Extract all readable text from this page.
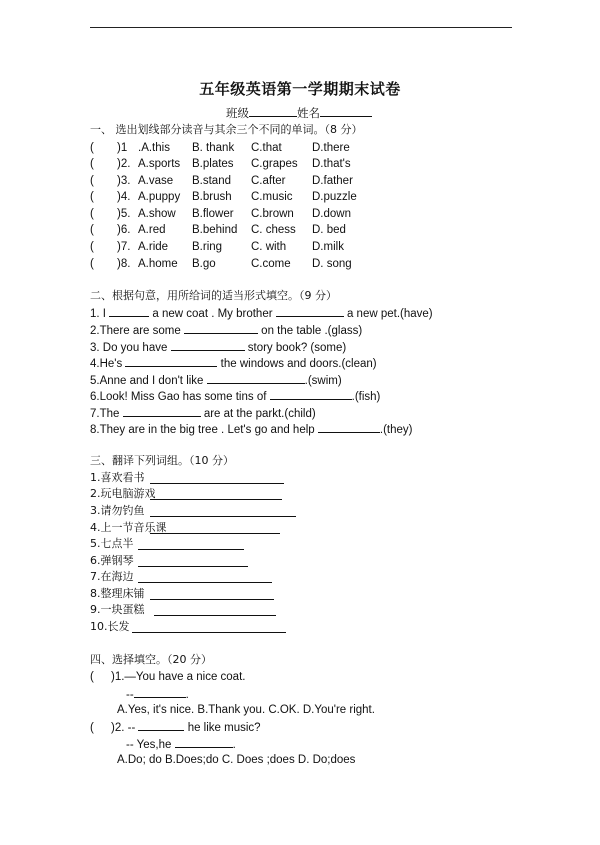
五年级英语第一学期期末试卷
班级	姓名
一、 选出划线部分读音与其余三个不同的单词。（8 分）
( )1 .A.this B. thank C.that	D.there
( )2. A.sports B.plates C.grapes D.that's
( )3. A.vase B.stand C.after D.father
( )4. A.puppy B.brush C.music D.puzzle
( )5. A.show B.flower C.brown D.down
( )6. A.red B.behind C. chess D. bed
( )7. A.ride B.ring	C. with D.milk
( )8. A.home B.go	C.come D. song
二、根据句意，用所给词的适当形式填空。（9 分）
1. I	a new coat . My brother	a new pet.(have)
2.There are some	on the table .(glass)
3. Do you have	story book? (some)
4.He's	the windows and doors.(clean)
5.Anne and I don't like	.(swim)
6.Look! Miss Gao has some tins of	.(fish)
7.The	are at the parkt.(child)
8.They are in the big tree . Let's go and help	.(they)
三、翻译下列词组。（10 分）
1.喜欢看书
2.玩电脑游戏
3.请勿钓鱼
4.上一节音乐课
5.七点半
6.弹钢琴
7.在海边
8.整理床铺
9.一块蛋糕
10.长发
四、选择填空。（20 分）
( )1.—You have a nice coat.
--	.
A.Yes, it's nice. B.Thank you. C.OK. D.You're right.
( )2. --	he like music?
-- Yes,he	.
A.Do; do B.Does;do C. Does ;does D. Do;does
